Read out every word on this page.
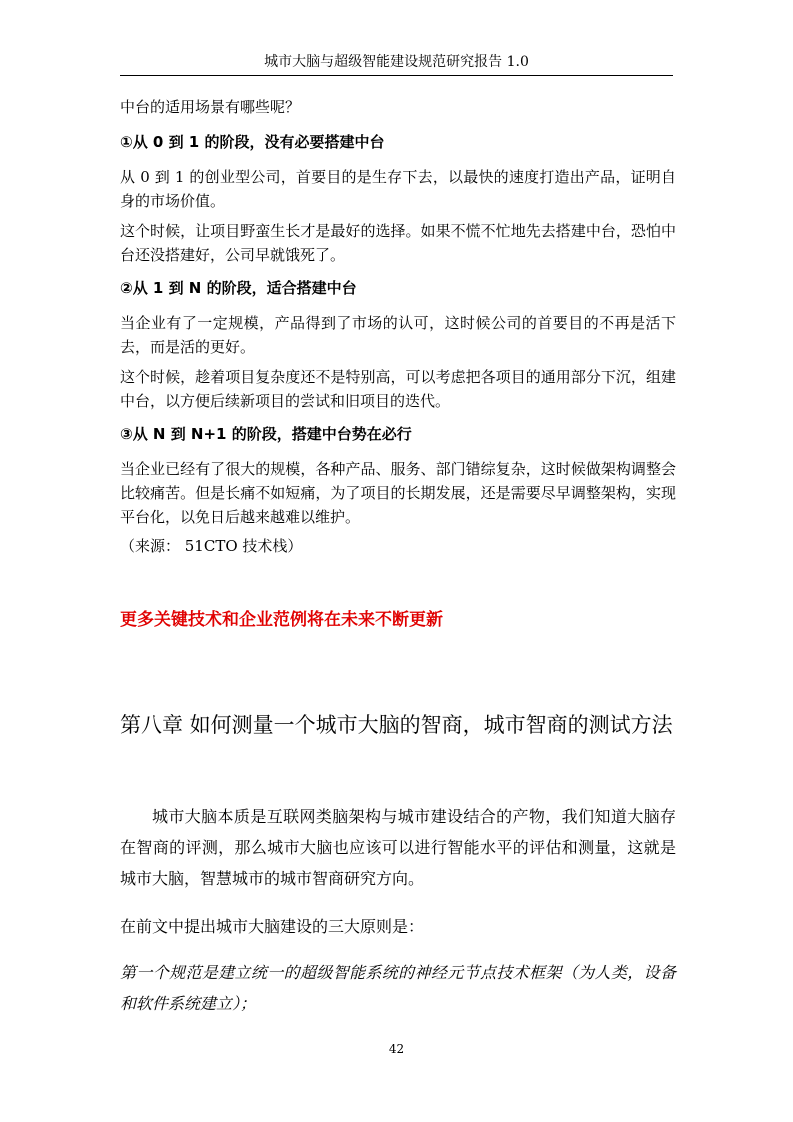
城市大脑与超级智能建设规范研究报告 1.0

中台的适用场景有哪些呢？

①从 0 到 1 的阶段，没有必要搭建中台

从 0 到 1 的创业型公司，首要目的是生存下去，以最快的速度打造出产品，证明自身的市场价值。

这个时候，让项目野蛮生长才是最好的选择。如果不慌不忙地先去搭建中台，恐怕中台还没搭建好，公司早就饿死了。

②从 1 到 N 的阶段，适合搭建中台

当企业有了一定规模，产品得到了市场的认可，这时候公司的首要目的不再是活下去，而是活的更好。

这个时候，趁着项目复杂度还不是特别高，可以考虑把各项目的通用部分下沉，组建中台，以方便后续新项目的尝试和旧项目的迭代。

③从 N 到 N+1 的阶段，搭建中台势在必行

当企业已经有了很大的规模，各种产品、服务、部门错综复杂，这时候做架构调整会比较痛苦。但是长痛不如短痛，为了项目的长期发展，还是需要尽早调整架构，实现平台化，以免日后越来越难以维护。

（来源： 51CTO 技术栈）

更多关键技术和企业范例将在未来不断更新

第八章 如何测量一个城市大脑的智商，城市智商的测试方法

城市大脑本质是互联网类脑架构与城市建设结合的产物，我们知道大脑存在智商的评测，那么城市大脑也应该可以进行智能水平的评估和测量，这就是城市大脑，智慧城市的城市智商研究方向。

在前文中提出城市大脑建设的三大原则是：

第一个规范是建立统一的超级智能系统的神经元节点技术框架（为人类，设备和软件系统建立）；

42
